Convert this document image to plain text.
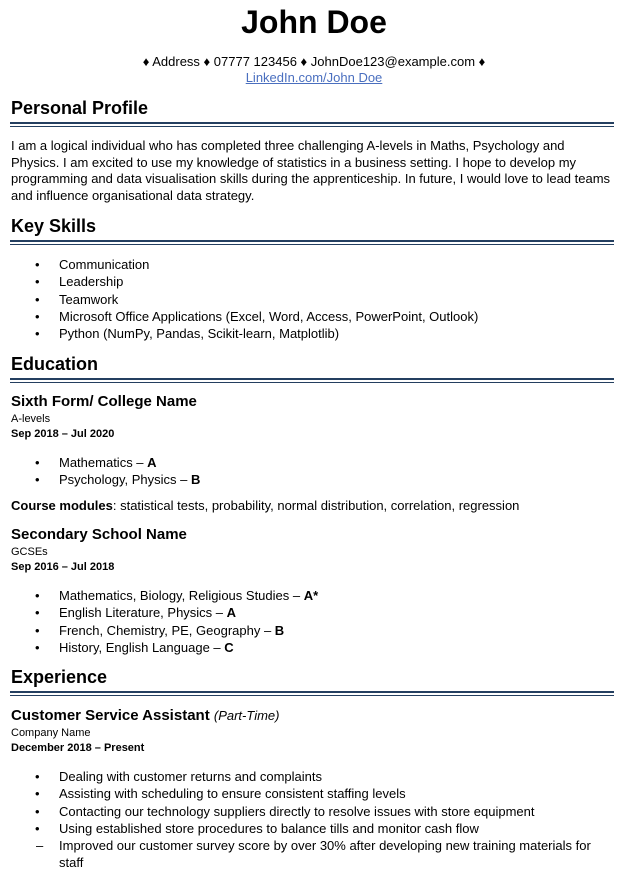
John Doe
♦ Address ♦ 07777 123456 ♦ JohnDoe123@example.com ♦
LinkedIn.com/John Doe
Personal Profile
I am a logical individual who has completed three challenging A-levels in Maths, Psychology and Physics. I am excited to use my knowledge of statistics in a business setting. I hope to develop my programming and data visualisation skills during the apprenticeship. In future, I would love to lead teams and influence organisational data strategy.
Key Skills
• Communication
• Leadership
• Teamwork
• Microsoft Office Applications (Excel, Word, Access, PowerPoint, Outlook)
• Python (NumPy, Pandas, Scikit-learn, Matplotlib)
Education
Sixth Form/ College Name
A-levels
Sep 2018 – Jul 2020
• Mathematics – A
• Psychology, Physics – B
Course modules: statistical tests, probability, normal distribution, correlation, regression
Secondary School Name
GCSEs
Sep 2016 – Jul 2018
• Mathematics, Biology, Religious Studies – A*
• English Literature, Physics – A
• French, Chemistry, PE, Geography – B
• History, English Language – C
Experience
Customer Service Assistant (Part-Time)
Company Name
December 2018 – Present
• Dealing with customer returns and complaints
• Assisting with scheduling to ensure consistent staffing levels
• Contacting our technology suppliers directly to resolve issues with store equipment
• Using established store procedures to balance tills and monitor cash flow
– Improved our customer survey score by over 30% after developing new training materials for staff
